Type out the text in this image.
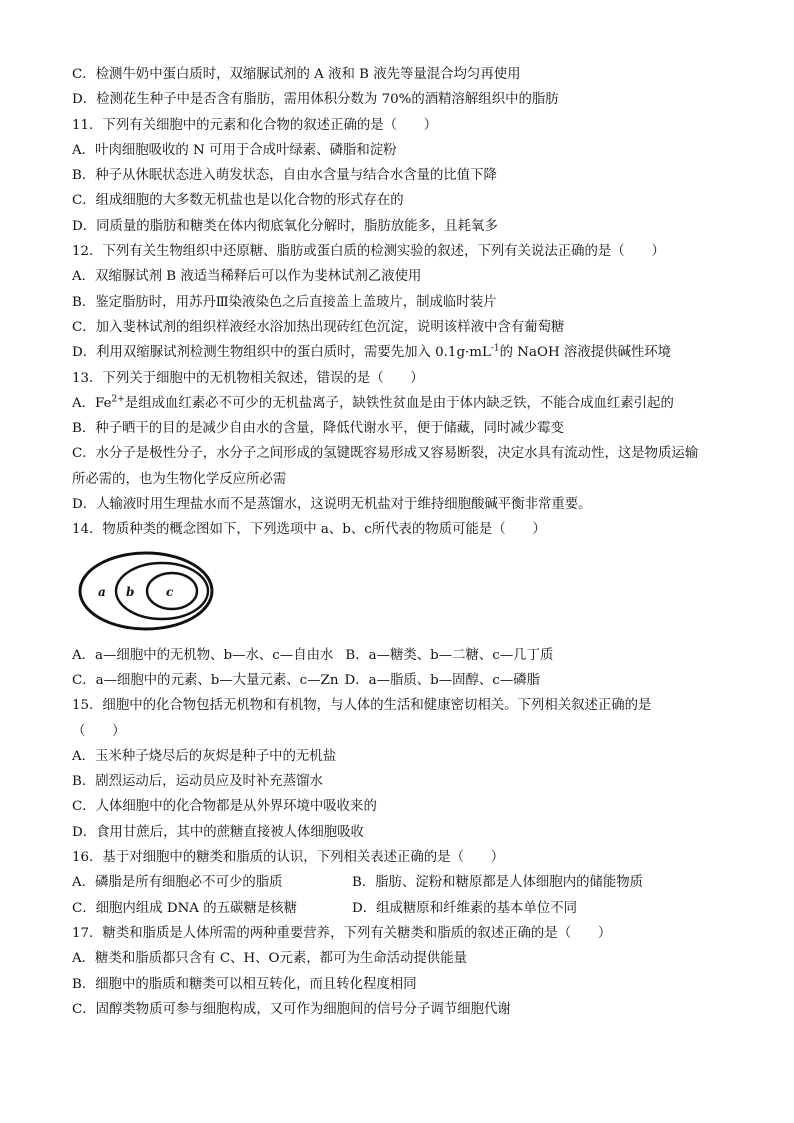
C．检测牛奶中蛋白质时，双缩脲试剂的 A 液和 B 液先等量混合均匀再使用
D．检测花生种子中是否含有脂肪，需用体积分数为 70%的酒精溶解组织中的脂肪
11．下列有关细胞中的元素和化合物的叙述正确的是（　　）
A．叶肉细胞吸收的 N 可用于合成叶绿素、磷脂和淀粉
B．种子从休眠状态进入萌发状态，自由水含量与结合水含量的比值下降
C．组成细胞的大多数无机盐也是以化合物的形式存在的
D．同质量的脂肪和糖类在体内彻底氧化分解时，脂肪放能多，且耗氧多
12．下列有关生物组织中还原糖、脂肪或蛋白质的检测实验的叙述，下列有关说法正确的是（　　）
A．双缩脲试剂 B 液适当稀释后可以作为斐林试剂乙液使用
B．鉴定脂肪时，用苏丹Ⅲ染液染色之后直接盖上盖玻片，制成临时装片
C．加入斐林试剂的组织样液经水浴加热出现砖红色沉淀，说明该样液中含有葡萄糖
D．利用双缩脲试剂检测生物组织中的蛋白质时，需要先加入 $0.1g\cdot mL^{-1}$的 NaOH 溶液提供碱性环境
13．下列关于细胞中的无机物相关叙述，错误的是（　　）
A．$Fe^{2+}$是组成血红素必不可少的无机盐离子，缺铁性贫血是由于体内缺乏铁，不能合成血红素引起的
B．种子晒干的目的是减少自由水的含量，降低代谢水平，便于储藏，同时减少霉变
C．水分子是极性分子，水分子之间形成的氢键既容易形成又容易断裂，决定水具有流动性，这是物质运输
所必需的，也为生物化学反应所必需
D．人输液时用生理盐水而不是蒸馏水，这说明无机盐对于维持细胞酸碱平衡非常重要。
14．物质种类的概念图如下，下列选项中 a、b、c所代表的物质可能是（　　）
a b	c
A．a—细胞中的无机物、b—水、c—自由水 B．a—糖类、b—二糖、c—几丁质
C．a—细胞中的元素、b—大量元素、c—Zn D．a—脂质、b—固醇、c—磷脂
15．细胞中的化合物包括无机物和有机物，与人体的生活和健康密切相关。下列相关叙述正确的是
（　　）
A．玉米种子烧尽后的灰烬是种子中的无机盐
B．剧烈运动后，运动员应及时补充蒸馏水
C．人体细胞中的化合物都是从外界环境中吸收来的
D．食用甘蔗后，其中的蔗糖直接被人体细胞吸收
16．基于对细胞中的糖类和脂质的认识，下列相关表述正确的是（　　）
A．磷脂是所有细胞必不可少的脂质	B．脂肪、淀粉和糖原都是人体细胞内的储能物质
C．细胞内组成 DNA 的五碳糖是核糖	D．组成糖原和纤维素的基本单位不同
17．糖类和脂质是人体所需的两种重要营养，下列有关糖类和脂质的叙述正确的是（　　）
A．糖类和脂质都只含有 C、H、O元素，都可为生命活动提供能量
B．细胞中的脂质和糖类可以相互转化，而且转化程度相同
C．固醇类物质可参与细胞构成，又可作为细胞间的信号分子调节细胞代谢
